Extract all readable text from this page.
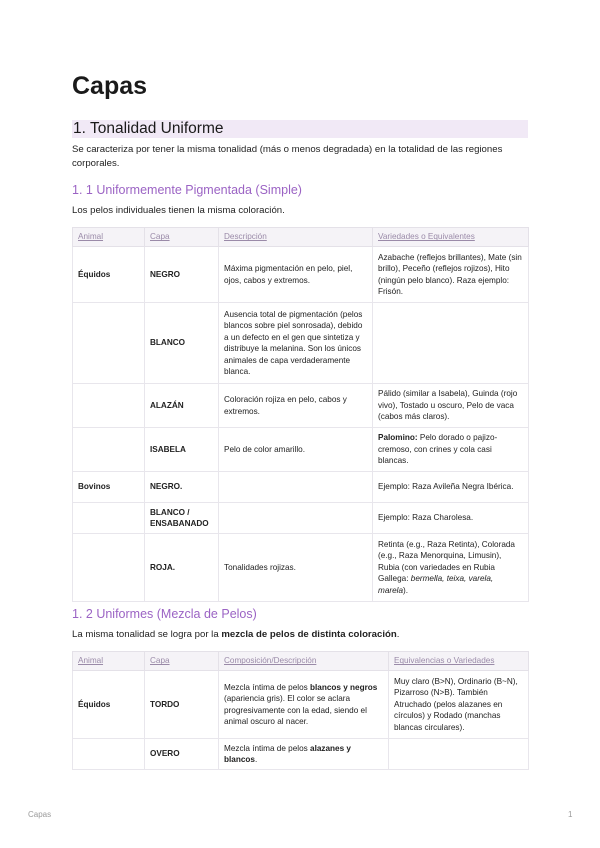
Capas
1. Tonalidad Uniforme

Se caracteriza por tener la misma tonalidad (más o menos degradada) en la totalidad de las regiones corporales.

1. 1 Uniformemente Pigmentada (Simple)

Los pelos individuales tienen la misma coloración.

Animal	Capa	Descripción	Variedades o Equivalentes
Équidos	NEGRO	Máxima pigmentación en pelo, piel, ojos, cabos y extremos.	Azabache (reflejos brillantes), Mate (sin brillo), Peceño (reflejos rojizos), Hito (ningún pelo blanco). Raza ejemplo: Frisón.
	BLANCO	Ausencia total de pigmentación (pelos blancos sobre piel sonrosada), debido a un defecto en el gen que sintetiza y distribuye la melanina. Son los únicos animales de capa verdaderamente blanca.	
	ALAZÁN	Coloración rojiza en pelo, cabos y extremos.	Pálido (similar a Isabela), Guinda (rojo vivo), Tostado u oscuro, Pelo de vaca (cabos más claros).
	ISABELA	Pelo de color amarillo.	Palomino: Pelo dorado o pajizo-cremoso, con crines y cola casi blancas.
Bovinos	NEGRO.		Ejemplo: Raza Avileña Negra Ibérica.
	BLANCO / ENSABANADO		Ejemplo: Raza Charolesa.
	ROJA.	Tonalidades rojizas.	Retinta (e.g., Raza Retinta), Colorada (e.g., Raza Menorquina, Limusin), Rubia (con variedades en Rubia Gallega: bermella, teixa, varela, marela).
1. 2 Uniformes (Mezcla de Pelos)

La misma tonalidad se logra por la mezcla de pelos de distinta coloración.

Animal	Capa	Composición/Descripción	Equivalencias o Variedades
Équidos	TORDO	Mezcla íntima de pelos blancos y negros (apariencia gris). El color se aclara progresivamente con la edad, siendo el animal oscuro al nacer.	Muy claro (B>N), Ordinario (B~N), Pizarroso (N>B). También Atruchado (pelos alazanes en círculos) y Rodado (manchas blancas circulares).
	OVERO	Mezcla íntima de pelos alazanes y blancos.	
Capas	1
